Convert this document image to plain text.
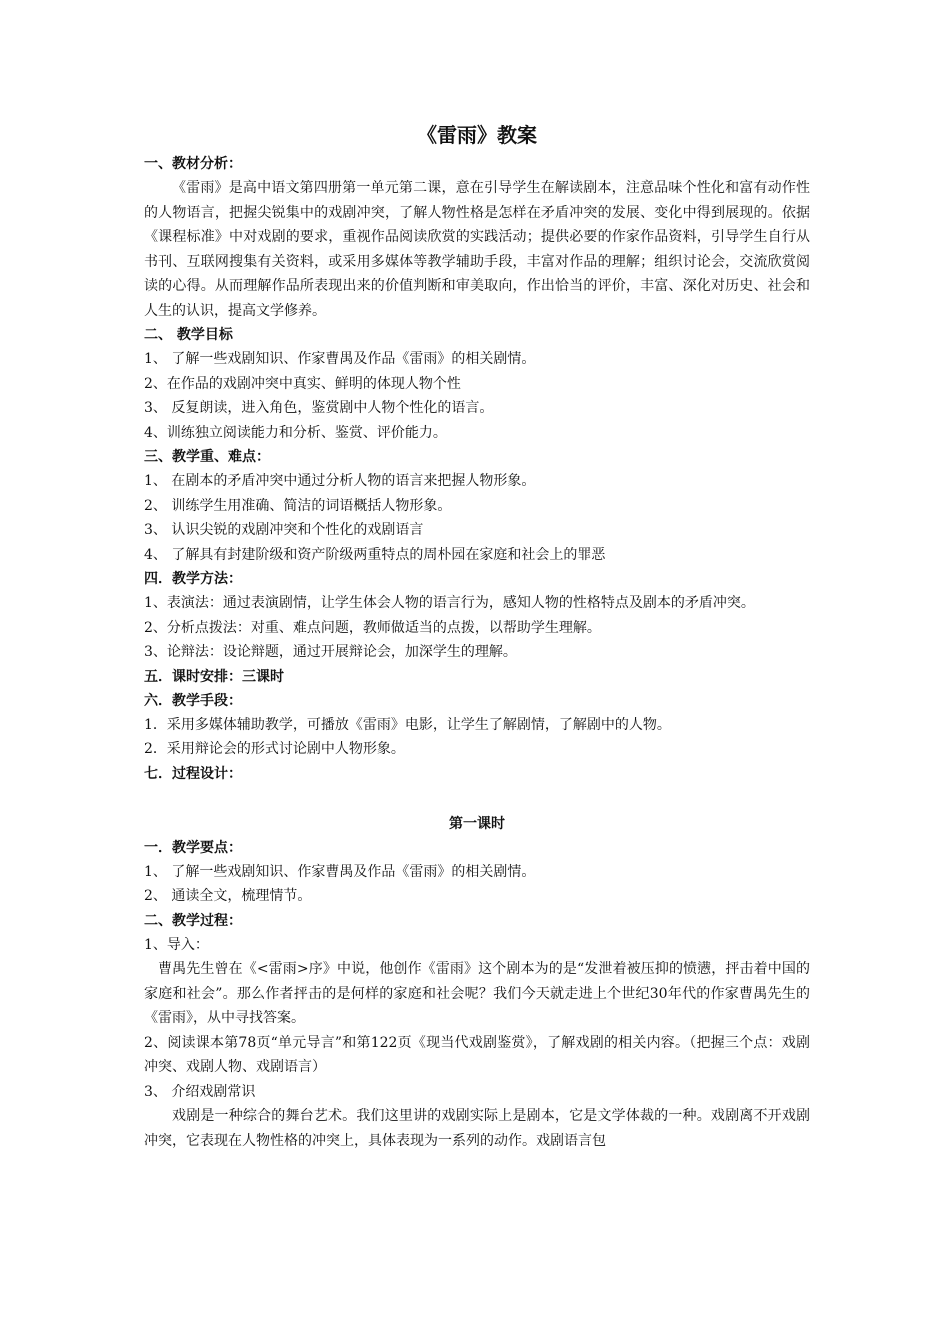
《雷雨》教案

一、教材分析：

《雷雨》是高中语文第四册第一单元第二课，意在引导学生在解读剧本，注意品味个性化和富有动作性的人物语言，把握尖锐集中的戏剧冲突，了解人物性格是怎样在矛盾冲突的发展、变化中得到展现的。依据《课程标准》中对戏剧的要求，重视作品阅读欣赏的实践活动；提供必要的作家作品资料，引导学生自行从书刊、互联网搜集有关资料，或采用多媒体等教学辅助手段，丰富对作品的理解；组织讨论会，交流欣赏阅读的心得。从而理解作品所表现出来的价值判断和审美取向，作出恰当的评价，丰富、深化对历史、社会和人生的认识，提高文学修养。

二、 教学目标

1、 了解一些戏剧知识、作家曹禺及作品《雷雨》的相关剧情。

2、在作品的戏剧冲突中真实、鲜明的体现人物个性

3、 反复朗读，进入角色，鉴赏剧中人物个性化的语言。

4、训练独立阅读能力和分析、鉴赏、评价能力。

三、教学重、难点：

1、 在剧本的矛盾冲突中通过分析人物的语言来把握人物形象。

2、 训练学生用准确、简洁的词语概括人物形象。

3、 认识尖锐的戏剧冲突和个性化的戏剧语言

4、 了解具有封建阶级和资产阶级两重特点的周朴园在家庭和社会上的罪恶

四．教学方法：

1、表演法：通过表演剧情，让学生体会人物的语言行为，感知人物的性格特点及剧本的矛盾冲突。

2、分析点拨法：对重、难点问题，教师做适当的点拨，以帮助学生理解。

3、论辩法：设论辩题，通过开展辩论会，加深学生的理解。

五．课时安排：三课时

六．教学手段：

1．采用多媒体辅助教学，可播放《雷雨》电影，让学生了解剧情，了解剧中的人物。

2．采用辩论会的形式讨论剧中人物形象。

七．过程设计：

第一课时

一．教学要点：

1、 了解一些戏剧知识、作家曹禺及作品《雷雨》的相关剧情。

2、 通读全文，梳理情节。

二、教学过程：

1、导入：

曹禺先生曾在《<雷雨>序》中说，他创作《雷雨》这个剧本为的是“发泄着被压抑的愤懑，抨击着中国的家庭和社会”。那么作者抨击的是何样的家庭和社会呢？我们今天就走进上个世纪30年代的作家曹禺先生的《雷雨》，从中寻找答案。

2、阅读课本第78页“单元导言”和第122页《现当代戏剧鉴赏》，了解戏剧的相关内容。（把握三个点：戏剧冲突、戏剧人物、戏剧语言）

3、 介绍戏剧常识

戏剧是一种综合的舞台艺术。我们这里讲的戏剧实际上是剧本，它是文学体裁的一种。戏剧离不开戏剧冲突，它表现在人物性格的冲突上，具体表现为一系列的动作。戏剧语言包
